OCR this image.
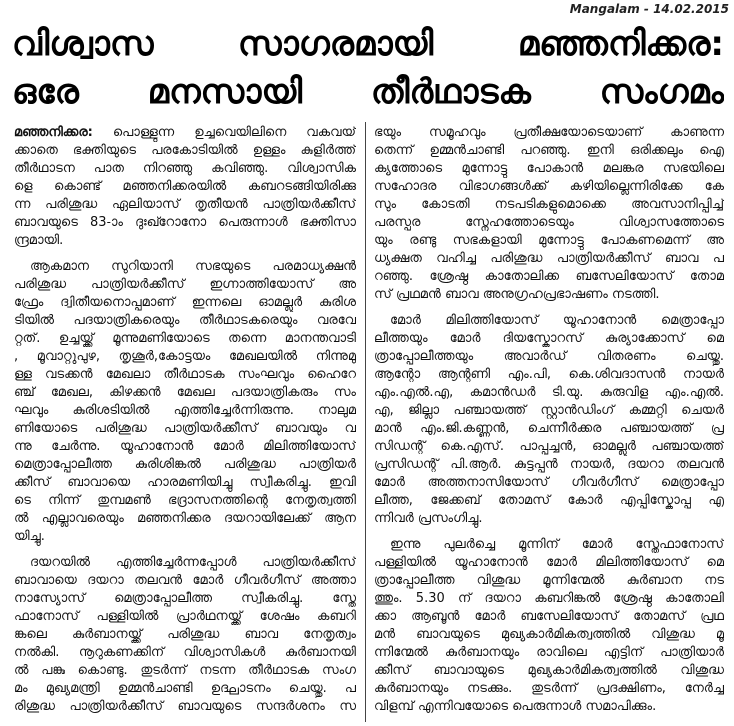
Mangalam - 14.02.2015
വിശ്വാസ സാഗരമായി മഞ്ഞനിക്കര:
ഒരേ മനസായി തീർഥാടക സംഗമം
മഞ്ഞനിക്കര: പൊള്ളുന്ന ഉച്ചവെയിലിനെ വകവയ്
ക്കാതെ ഭക്തിയുടെ പരകോടിയിൽ ഉള്ളം കുളിർത്ത്
തീർഥാടന പാത നിറഞ്ഞു കവിഞ്ഞു. വിശ്വാസിക
ളെ കൊണ്ട് മഞ്ഞനിക്കരയിൽ കബറടങ്ങിയിരിക്കു
ന്ന പരിശുദ്ധ ഏലിയാസ് തൃതീയൻ പാത്രിയർക്കീസ്
ബാവയുടെ 83-ാം ദുഃഖ്റോനോ പെരുന്നാൾ ഭക്തിസാ
ന്ദ്രമായി.
ആകമാന സുറിയാനി സഭയുടെ പരമാധ്യക്ഷൻ
പരിശുദ്ധ പാത്രിയർക്കീസ് ഇഗ്നാത്തിയോസ് അ
ഫ്രേം ദ്വിതീയനൊപ്പമാണ് ഇന്നലെ ഓമല്ലൂർ കുരിശ
ടിയിൽ പദയാത്രികരെയും തീർഥാടകരെയും വരവേ
റ്റത്. ഉച്ചയ്ക്ക് മൂന്നുമണിയോടെ തന്നെ മാനന്തവാടി
, മൂവാറ്റുപുഴ, തൃശൂർ,കോട്ടയം മേഖലയിൽ നിന്നുമു
ള്ള വടക്കൻ മേഖലാ തീർഥാടക സംഘവും ഹൈറേ
ഞ്ച് മേഖല, കിഴക്കൻ മേഖല പദയാത്രികരും സം
ഘവും കുരിശടിയിൽ എത്തിച്ചേർന്നിരുന്നു. നാലുമ
ണിയോടെ പരിശുദ്ധ പാത്രിയർക്കീസ് ബാവയും വ
ന്നു ചേർന്നു. യൂഹാനോൻ മോർ മിലിത്തിയോസ്
മെത്രാപ്പോലീത്ത കുരിശിങ്കൽ പരിശുദ്ധ പാത്രിയർ
ക്കീസ് ബാവായെ ഹാരമണിയിച്ചു സ്വീകരിച്ചു. ഇവി
ടെ നിന്ന് തുമ്പമൺ ഭദ്രാസനത്തിന്റെ നേതൃത്വത്തി
ൽ എല്ലാവരെയും മഞ്ഞനിക്കര ദയറായിലേക്ക് ആന
യിച്ചു.
ദയറയിൽ എത്തിച്ചേർന്നപ്പോൾ പാത്രിയർക്കീസ്
ബാവായെ ദയറാ തലവൻ മോർ ഗീവർഗീസ് അത്താ
നാസ്യോസ് മെത്രാപ്പോലീത്ത സ്വീകരിച്ചു. സ്തേ
ഫാനോസ് പള്ളിയിൽ പ്രാർഥനയ്ക്ക് ശേഷം കബറി
ങ്കലെ കുർബാനയ്ക്ക് പരിശുദ്ധ ബാവ നേതൃത്വം
നൽകി. നൂറുകണക്കിന് വിശ്വാസികൾ കുർബാനയി
ൽ പങ്കു കൊണ്ടു. തുടർന്ന് നടന്ന തീർഥാടക സംഗ
മം മുഖ്യമന്ത്രി ഉമ്മൻചാണ്ടി ഉദ്ഘാടനം ചെയ്തു. പ
രിശുദ്ധ പാത്രിയർക്കീസ് ബാവയുടെ സന്ദർശനം സ
ഭയും സമൂഹവും പ്രതീക്ഷയോടെയാണ് കാണുന്ന
തെന്ന് ഉമ്മൻചാണ്ടി പറഞ്ഞു. ഇനി ഒരിക്കലും ഐ
ക്യത്തോടെ മുന്നോട്ടു പോകാൻ മലങ്കര സഭയിലെ
സഹോദര വിഭാഗങ്ങൾക്ക് കഴിയില്ലെന്നിരിക്കേ കേ
സും കോടതി നടപടികളുമൊക്കെ അവസാനിപ്പിച്ച്
പരസ്പര സ്നേഹത്തോടെയും വിശ്വാസത്തോടെ
യും രണ്ടു സഭകളായി മുന്നോട്ടു പോകണമെന്ന് അ
ധ്യക്ഷത വഹിച്ച പരിശുദ്ധ പാത്രിയർക്കീസ് ബാവ പ
റഞ്ഞു. ശ്രേഷ്ഠ കാതോലിക്ക ബസേലിയോസ് തോമ
സ് പ്രഥമൻ ബാവ അനുഗ്രഹപ്രഭാഷണം നടത്തി.
മോർ മിലിത്തിയോസ് യൂഹാനോൻ മെത്രാപ്പോ
ലീത്തയും മോർ ദിയസ്കോറസ് കുര്യാക്കോസ് മെ
ത്രാപ്പോലീത്തയും അവാർഡ് വിതരണം ചെയ്തു.
ആന്റോ ആന്റണി എം.പി, കെ.ശിവദാസൻ നായർ
എം.എൽ.എ, കമാൻഡർ ടി.യു. കുരുവിള എം.എൽ.
എ, ജില്ലാ പഞ്ചായത്ത് സ്റ്റാൻഡിംഗ് കമ്മറ്റി ചെയർ
മാൻ എം.ജി.കണ്ണൻ, ചെന്നീർക്കര പഞ്ചായത്ത് പ്ര
സിഡന്റ് കെ.എസ്. പാപ്പച്ചൻ, ഓമല്ലൂർ പഞ്ചായത്ത്
പ്രസിഡന്റ് പി.ആർ. കുട്ടപ്പൻ നായർ, ദയറാ തലവൻ
മോർ അത്തനാസിയോസ് ഗീവർഗീസ് മെത്രാപ്പോ
ലീത്ത, ജേക്കബ് തോമസ് കോർ എപ്പിസ്കോപ്പ എ
ന്നിവർ പ്രസംഗിച്ചു.
ഇന്നു പുലർച്ചെ മൂന്നിന് മോർ സ്തേഫാനോസ്
പള്ളിയിൽ യൂഹാനോൻ മോർ മിലിത്തിയോസ് മെ
ത്രാപ്പോലീത്ത വിശുദ്ധ മൂന്നിന്മേൽ കുർബാന നട
ത്തും. 5.30 ന് ദയറാ കബറിങ്കൽ ശ്രേഷ്ഠ കാതോലി
ക്കാ ആബൂൻ മോർ ബസേലിയോസ് തോമസ് പ്രഥ
മൻ ബാവയുടെ മുഖ്യകാർമികത്വത്തിൽ വിശുദ്ധ മൂ
ന്നിന്മേൽ കുർബാനയും രാവിലെ എട്ടിന് പാത്രിയാർ
ക്കീസ് ബാവായുടെ മുഖ്യകാർമികത്വത്തിൽ വിശുദ്ധ
കുർബാനയും നടക്കും. തുടർന്ന് പ്രദക്ഷിണം, നേർച്ച
വിളമ്പ് എന്നിവയോടെ പെരുന്നാൾ സമാപിക്കും.
